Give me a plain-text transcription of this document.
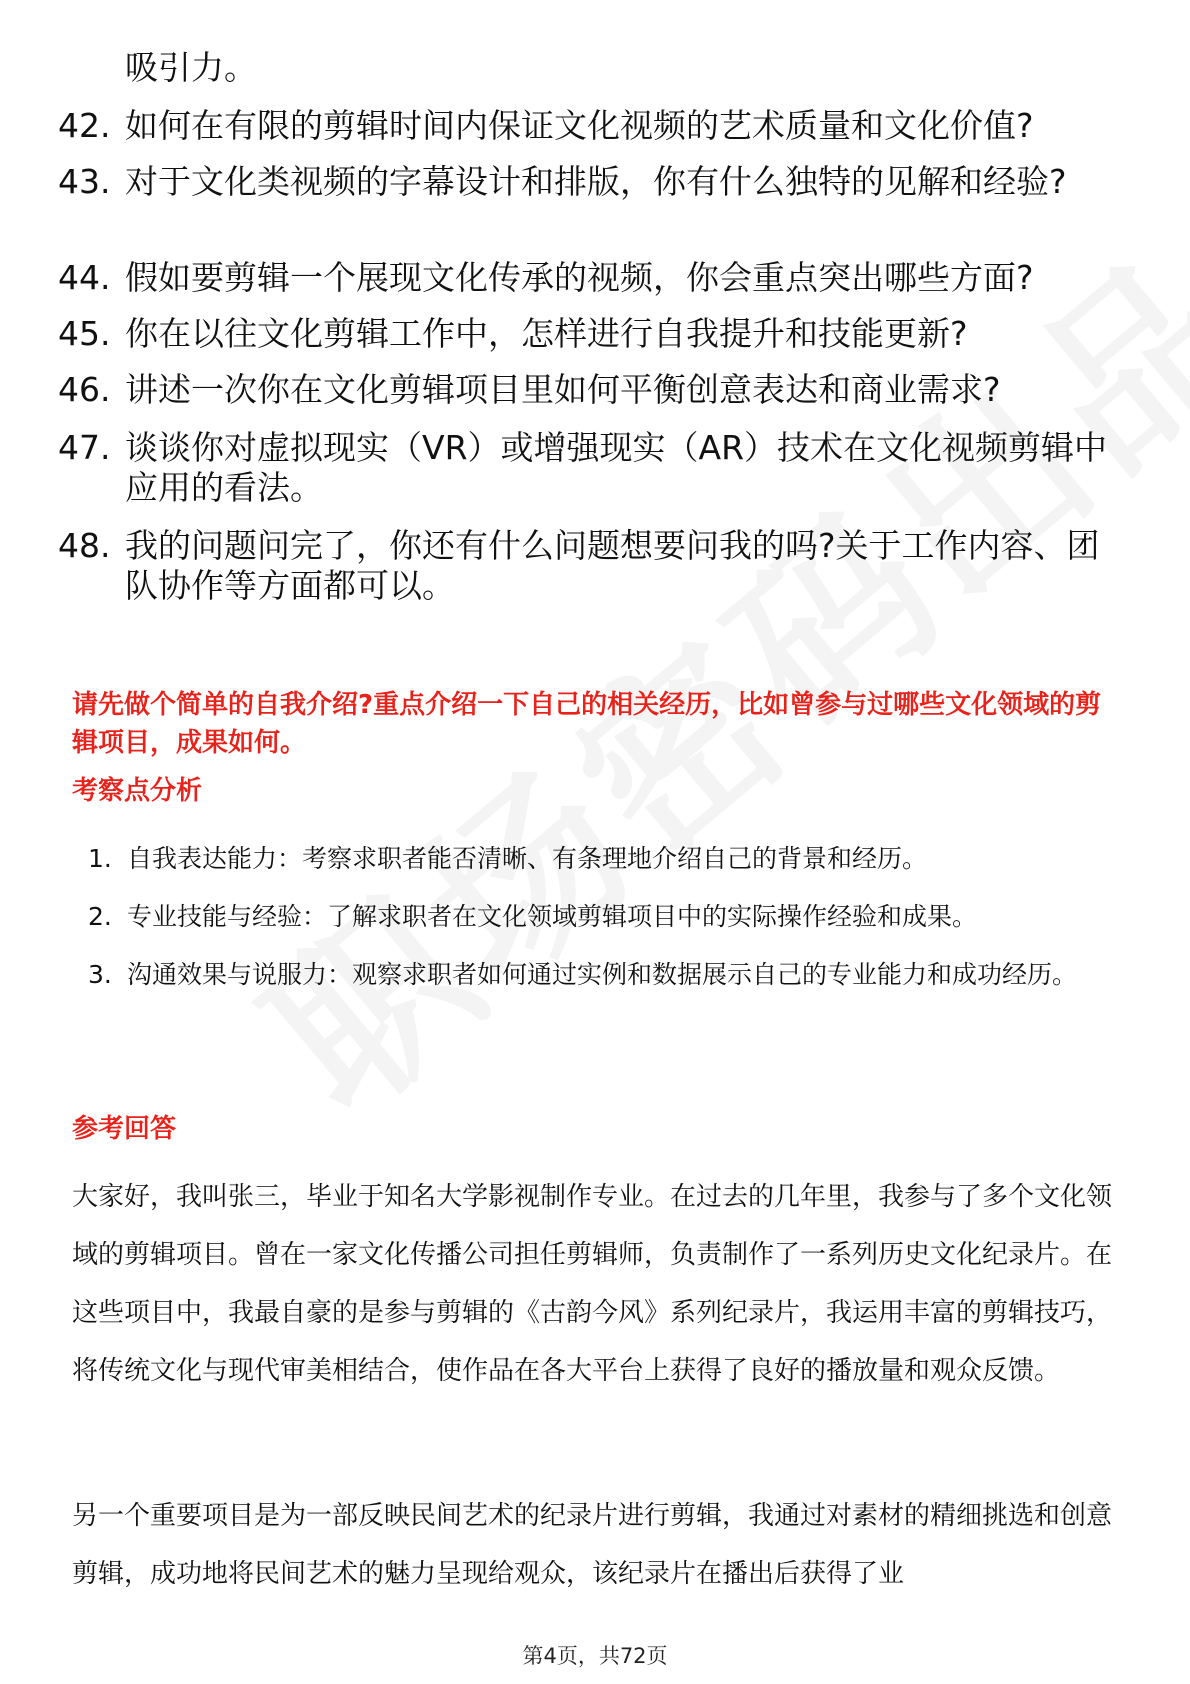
吸引力。
42. 如何在有限的剪辑时间内保证文化视频的艺术质量和文化价值?
43. 对于文化类视频的字幕设计和排版，你有什么独特的见解和经验?
44. 假如要剪辑一个展现文化传承的视频，你会重点突出哪些方面?
45. 你在以往文化剪辑工作中，怎样进行自我提升和技能更新?
46. 讲述一次你在文化剪辑项目里如何平衡创意表达和商业需求?
47. 谈谈你对虚拟现实（VR）或增强现实（AR）技术在文化视频剪辑中应用的看法。
48. 我的问题问完了，你还有什么问题想要问我的吗?关于工作内容、团队协作等方面都可以。
请先做个简单的自我介绍?重点介绍一下自己的相关经历，比如曾参与过哪些文化领域的剪辑项目，成果如何。
考察点分析
1. 自我表达能力：考察求职者能否清晰、有条理地介绍自己的背景和经历。
2. 专业技能与经验：了解求职者在文化领域剪辑项目中的实际操作经验和成果。
3. 沟通效果与说服力：观察求职者如何通过实例和数据展示自己的专业能力和成功经历。
参考回答
大家好，我叫张三，毕业于知名大学影视制作专业。在过去的几年里，我参与了多个文化领域的剪辑项目。曾在一家文化传播公司担任剪辑师，负责制作了一系列历史文化纪录片。在这些项目中，我最自豪的是参与剪辑的《古韵今风》系列纪录片，我运用丰富的剪辑技巧，将传统文化与现代审美相结合，使作品在各大平台上获得了良好的播放量和观众反馈。
另一个重要项目是为一部反映民间艺术的纪录片进行剪辑，我通过对素材的精细挑选和创意剪辑，成功地将民间艺术的魅力呈现给观众，该纪录片在播出后获得了业
第4页，共72页
